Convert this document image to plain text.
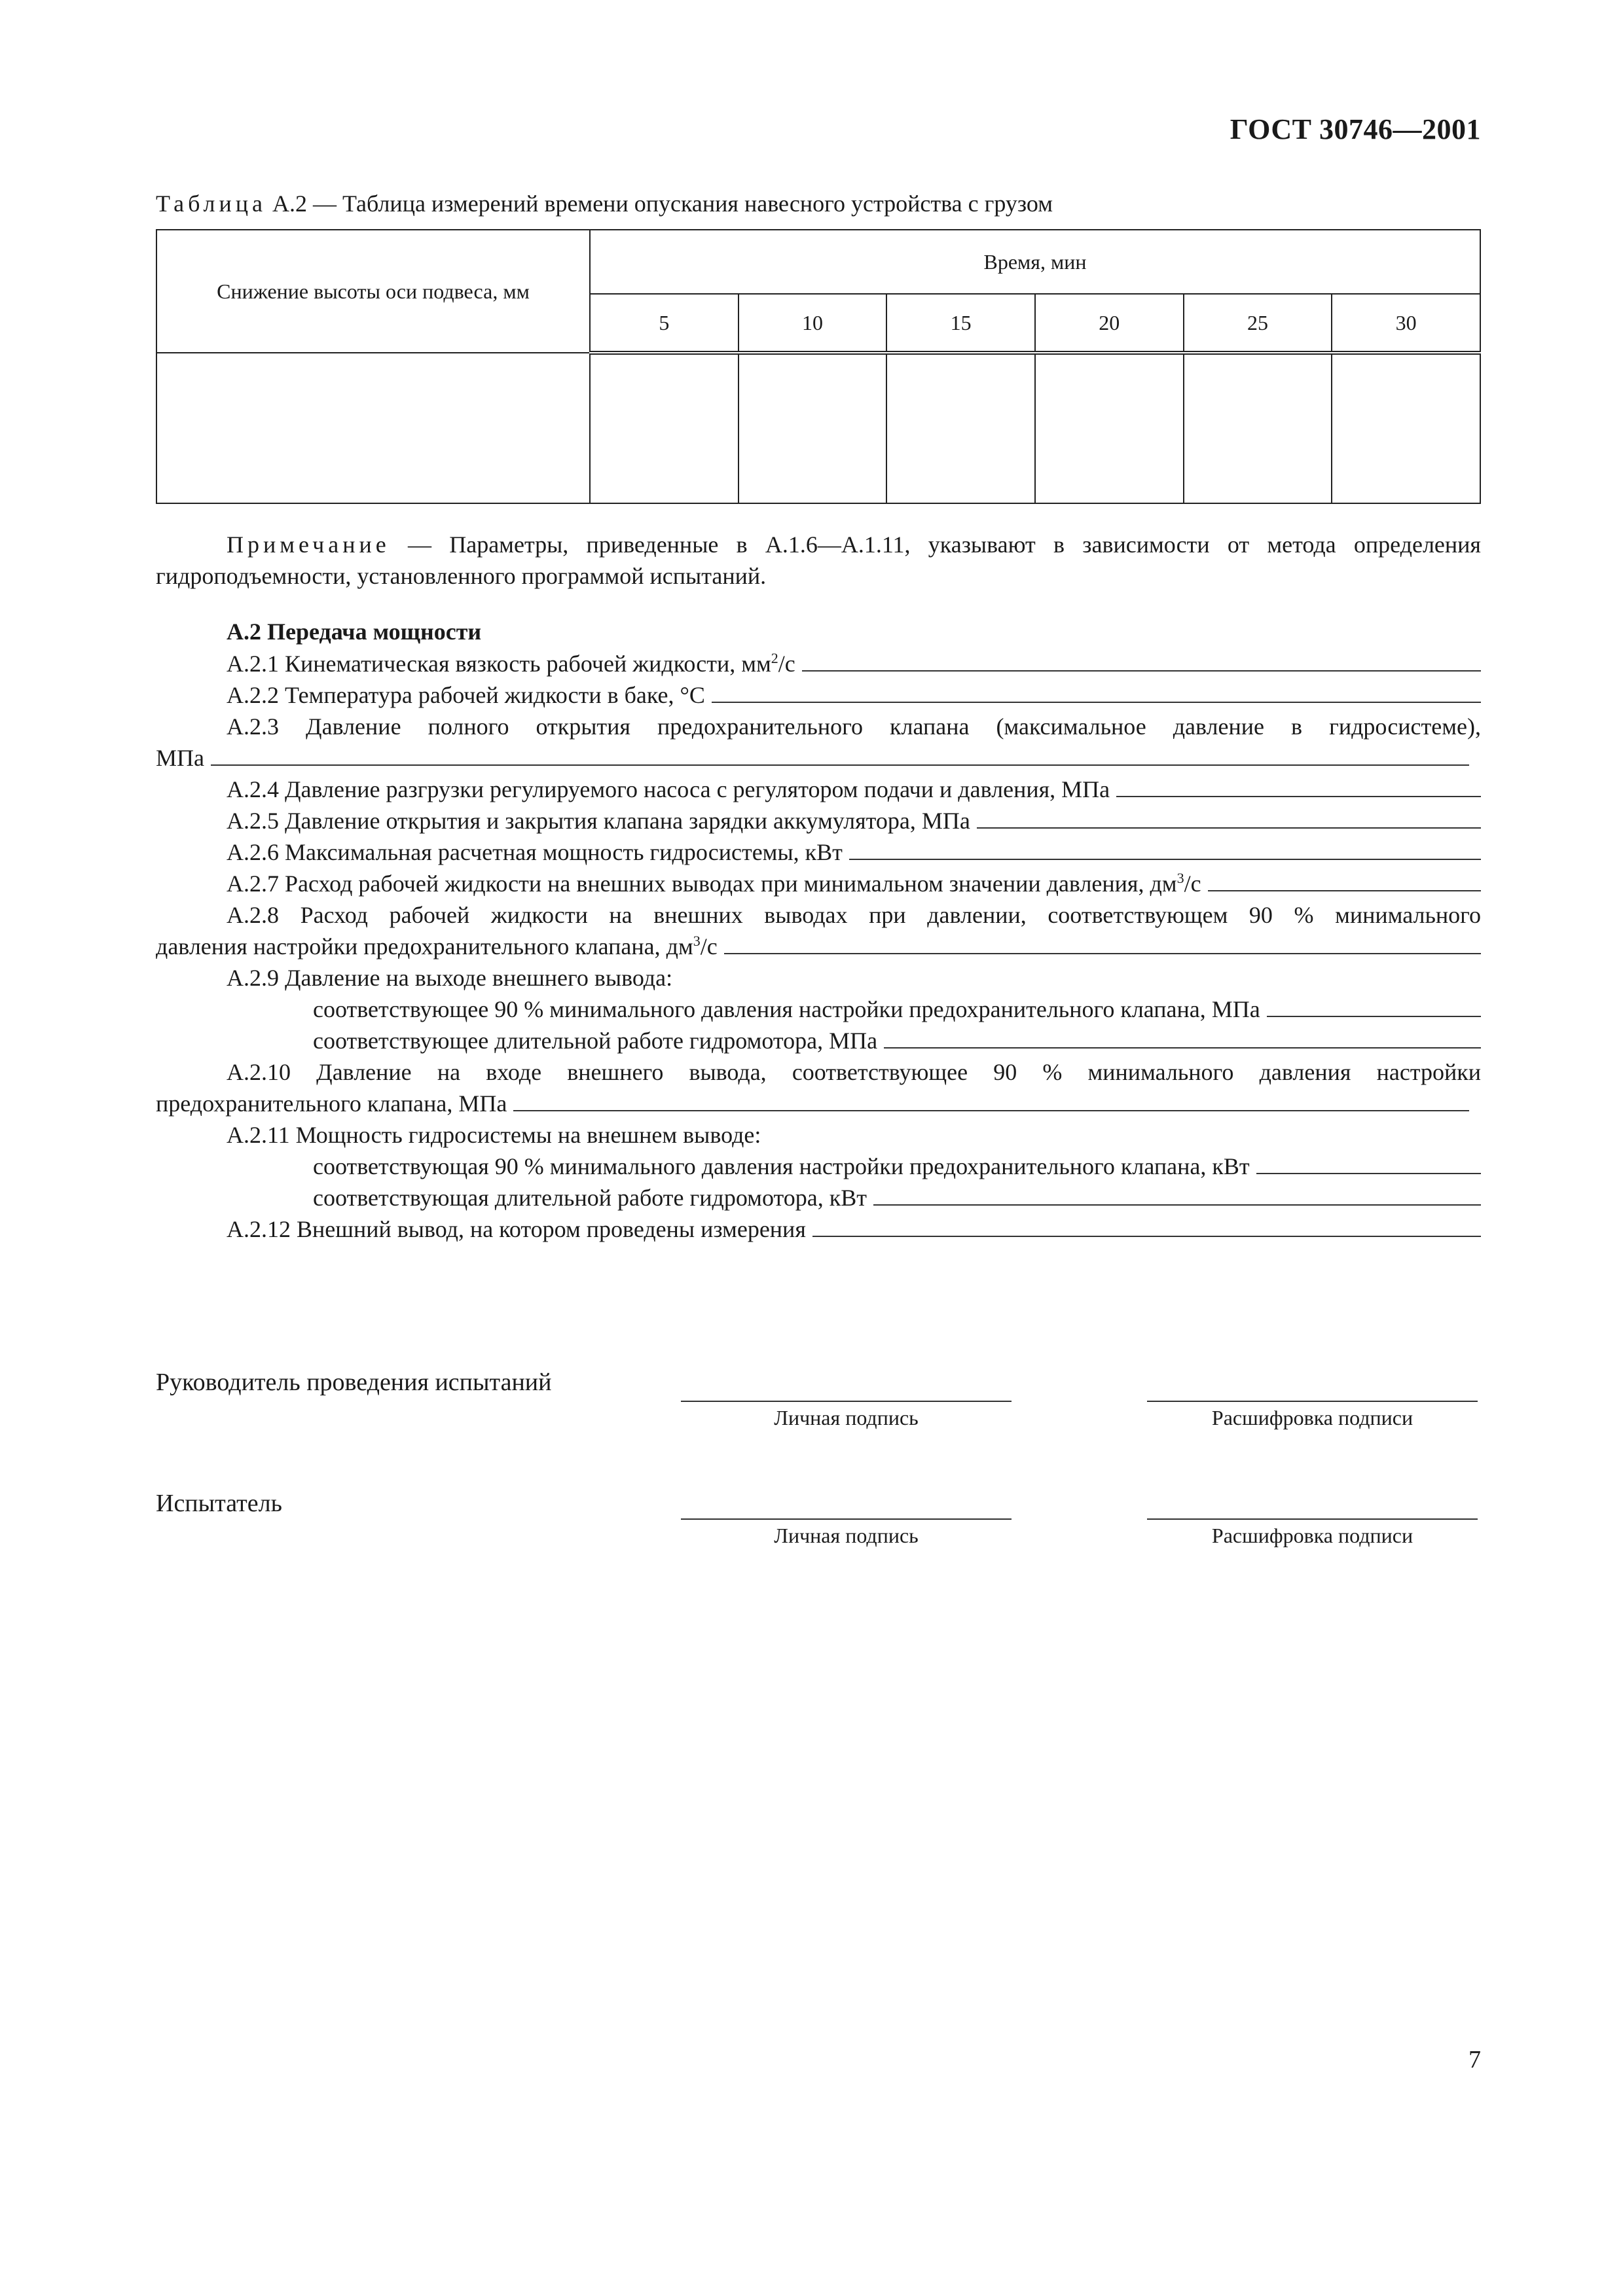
ГОСТ 30746—2001
Таблица А.2 — Таблица измерений времени опускания навесного устройства с грузом
Снижение высоты оси подвеса, мм	Время, мин					
	5	10	15	20	25	30

Примечание — Параметры, приведенные в А.1.6—А.1.11, указывают в зависимости от метода определения гидроподъемности, установленного программой испытаний.
А.2 Передача мощности
А.2.1 Кинематическая вязкость рабочей жидкости, $мм^2/с$
А.2.2 Температура рабочей жидкости в баке, °С
А.2.3 Давление полного открытия предохранительного клапана (максимальное давление в гидросистеме),
МПа
А.2.4 Давление разгрузки регулируемого насоса с регулятором подачи и давления, МПа
А.2.5 Давление открытия и закрытия клапана зарядки аккумулятора, МПа
А.2.6 Максимальная расчетная мощность гидросистемы, кВт
А.2.7 Расход рабочей жидкости на внешних выводах при минимальном значении давления, $дм^3/с$
А.2.8 Расход рабочей жидкости на внешних выводах при давлении, соответствующем 90 % минимального
давления настройки предохранительного клапана, $дм^3/с$
А.2.9 Давление на выходе внешнего вывода:
соответствующее 90 % минимального давления настройки предохранительного клапана, МПа
соответствующее длительной работе гидромотора, МПа
А.2.10 Давление на входе внешнего вывода, соответствующее 90 % минимального давления настройки
предохранительного клапана, МПа
А.2.11 Мощность гидросистемы на внешнем выводе:
соответствующая 90 % минимального давления настройки предохранительного клапана, кВт
соответствующая длительной работе гидромотора, кВт
А.2.12 Внешний вывод, на котором проведены измерения
Руководитель проведения испытаний
Личная подпись	Расшифровка подписи
Испытатель
Личная подпись	Расшифровка подписи
7
